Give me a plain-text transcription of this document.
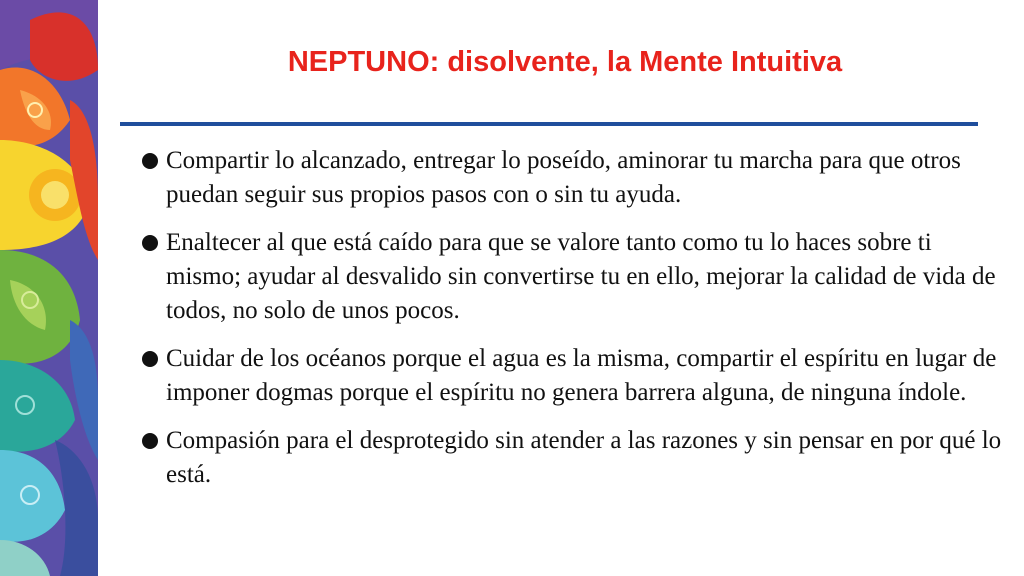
NEPTUNO: disolvente, la Mente Intuitiva
Compartir lo alcanzado, entregar lo poseído, aminorar tu marcha para que otros puedan seguir sus propios pasos con o sin tu ayuda.
Enaltecer al que está caído para que se valore tanto como tu lo haces sobre ti mismo; ayudar al desvalido sin convertirse tu en ello, mejorar la calidad de vida de todos, no solo de unos pocos.
Cuidar de los océanos porque el agua es la misma, compartir el espíritu en lugar de imponer dogmas porque el espíritu no genera barrera alguna, de ninguna índole.
Compasión para el desprotegido sin atender a las razones y sin pensar en por qué lo está.
